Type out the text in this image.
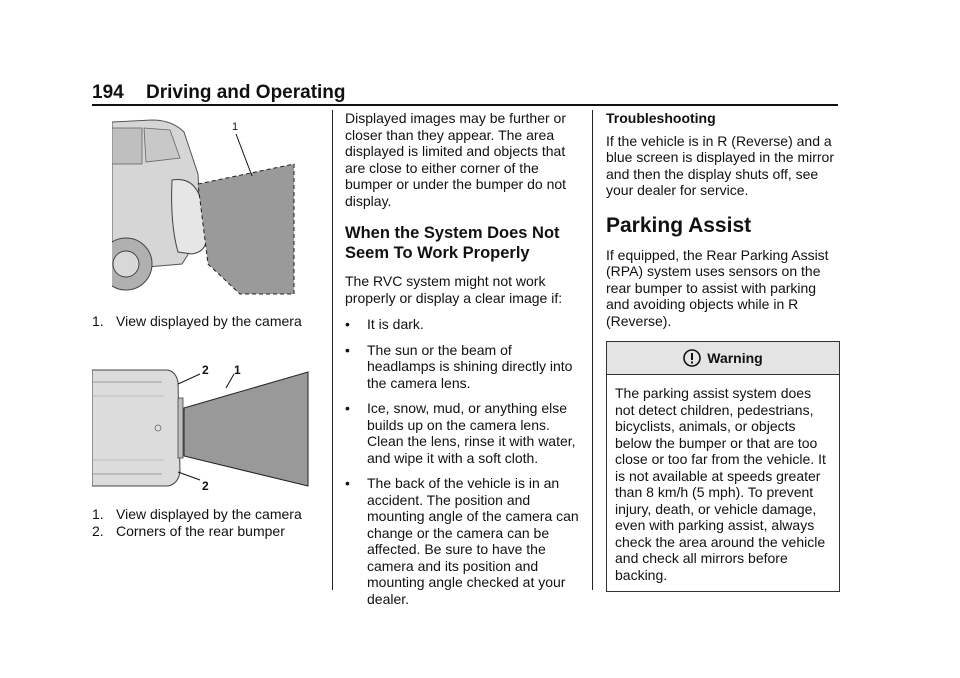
194 Driving and Operating
1
1. View displayed by the camera
2 1
2
1. View displayed by the camera
2. Corners of the rear bumper

Displayed images may be further or closer than they appear. The area displayed is limited and objects that are close to either corner of the bumper or under the bumper do not display.

When the System Does Not Seem To Work Properly

The RVC system might not work properly or display a clear image if:

• It is dark.
• The sun or the beam of headlamps is shining directly into the camera lens.
• Ice, snow, mud, or anything else builds up on the camera lens. Clean the lens, rinse it with water, and wipe it with a soft cloth.
• The back of the vehicle is in an accident. The position and mounting angle of the camera can change or the camera can be affected. Be sure to have the camera and its position and mounting angle checked at your dealer.
Troubleshooting

If the vehicle is in R (Reverse) and a blue screen is displayed in the mirror and then the display shuts off, see your dealer for service.

Parking Assist

If equipped, the Rear Parking Assist (RPA) system uses sensors on the rear bumper to assist with parking and avoiding objects while in R (Reverse).

Warning
The parking assist system does not detect children, pedestrians, bicyclists, animals, or objects below the bumper or that are too close or too far from the vehicle. It is not available at speeds greater than 8 km/h (5 mph). To prevent injury, death, or vehicle damage, even with parking assist, always check the area around the vehicle and check all mirrors before backing.
